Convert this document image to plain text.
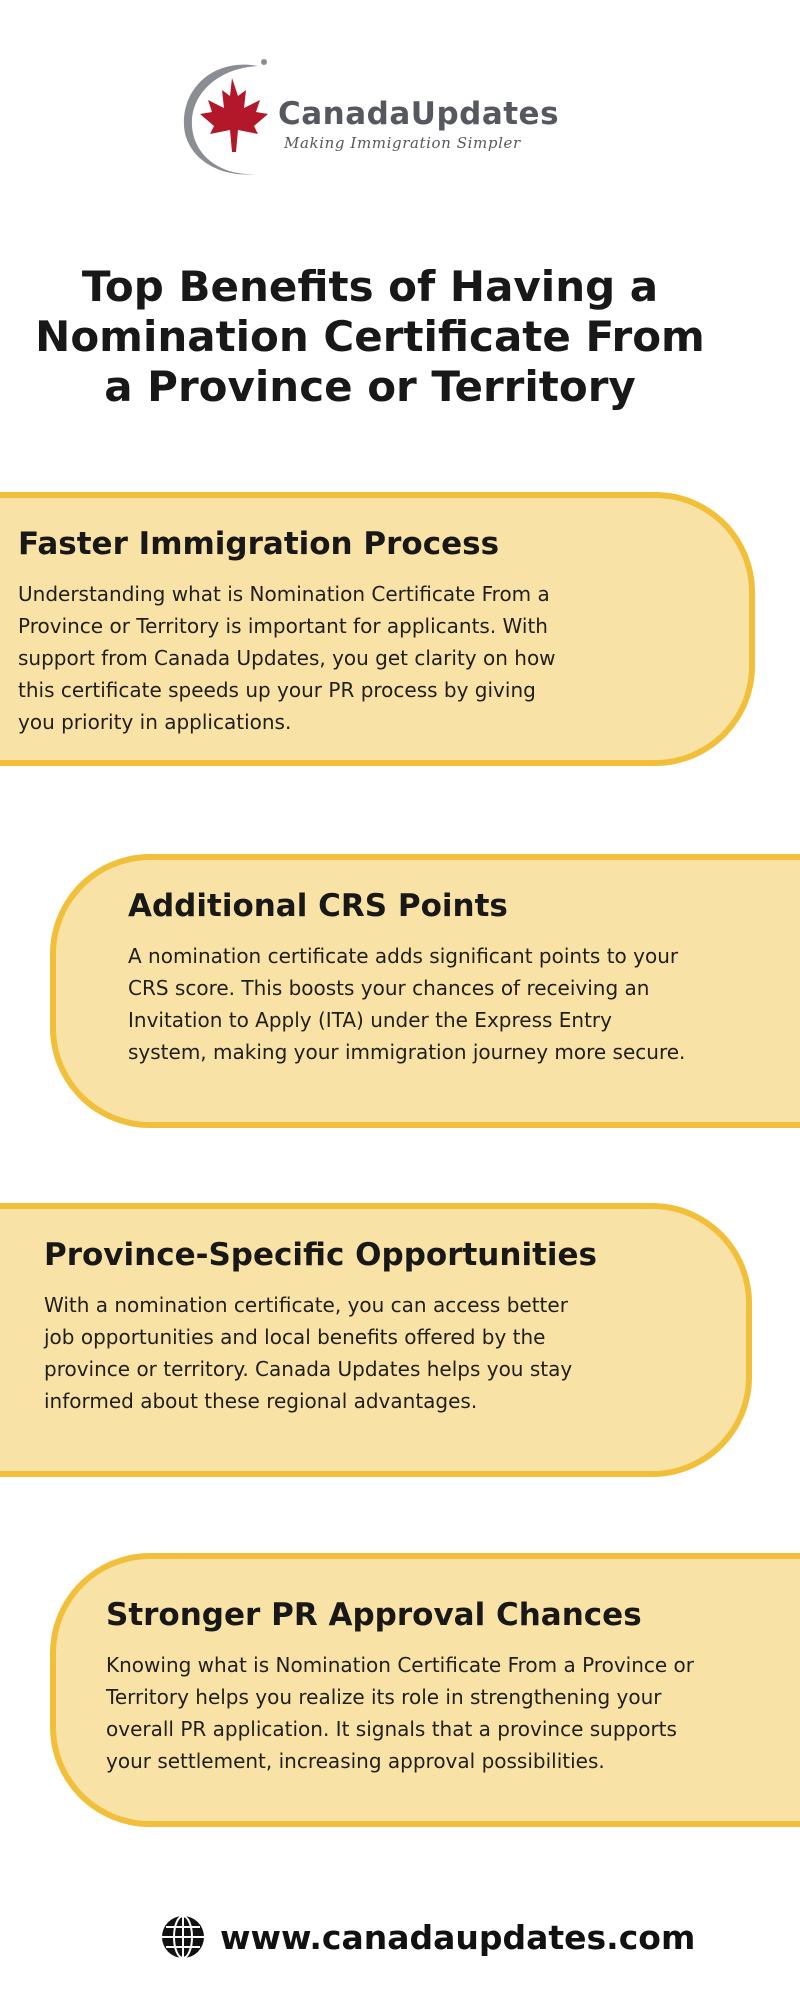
CanadaUpdates
Making Immigration Simpler
Top Benefits of Having a
Nomination Certificate From
a Province or Territory
Faster Immigration Process

Understanding what is Nomination Certificate From a Province or Territory is important for applicants. With support from Canada Updates, you get clarity on how this certificate speeds up your PR process by giving you priority in applications.

Additional CRS Points

A nomination certificate adds significant points to your CRS score. This boosts your chances of receiving an Invitation to Apply (ITA) under the Express Entry system, making your immigration journey more secure.

Province-Specific Opportunities

With a nomination certificate, you can access better job opportunities and local benefits offered by the province or territory. Canada Updates helps you stay informed about these regional advantages.

Stronger PR Approval Chances

Knowing what is Nomination Certificate From a Province or Territory helps you realize its role in strengthening your overall PR application. It signals that a province supports your settlement, increasing approval possibilities.

www.canadaupdates.com
